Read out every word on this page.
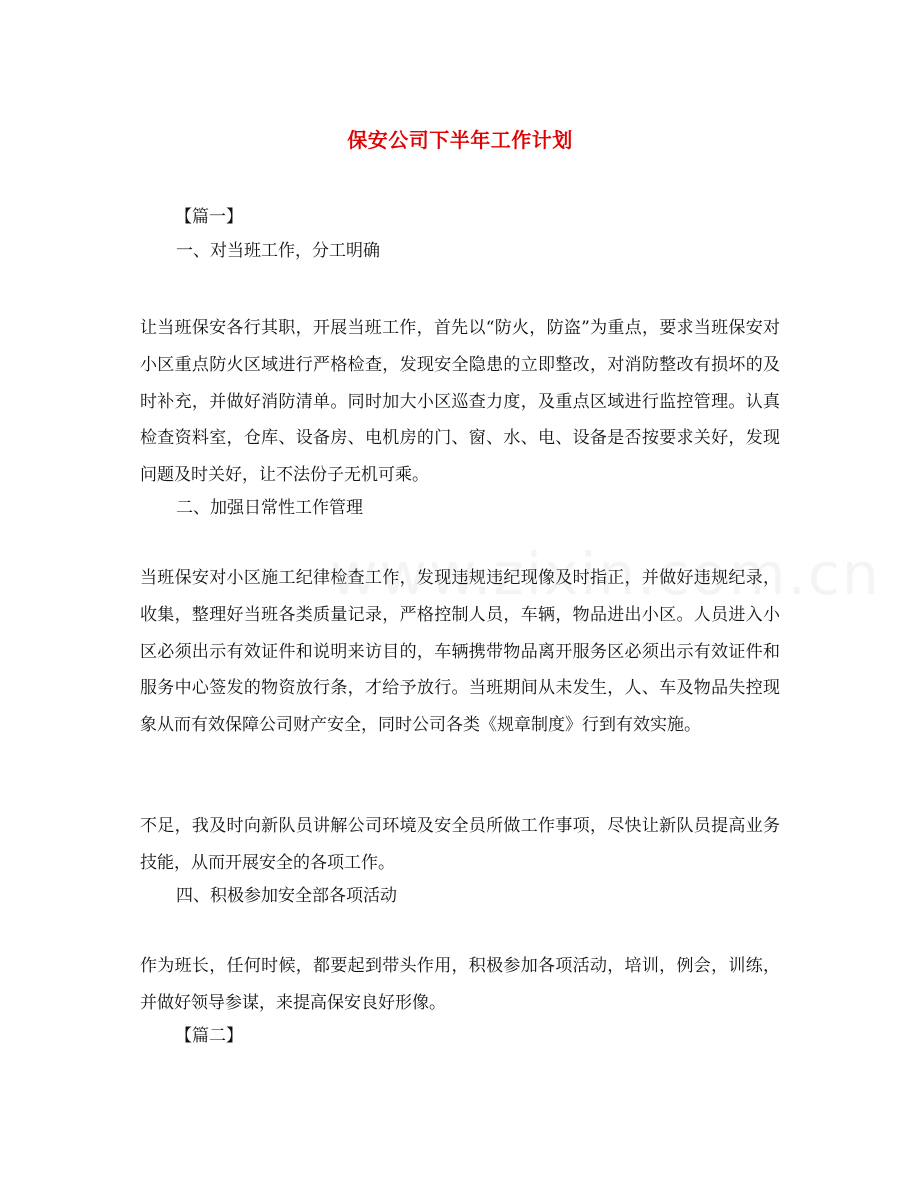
保安公司下半年工作计划
【篇一】
一、对当班工作，分工明确
让当班保安各行其职，开展当班工作，首先以“防火，防盗”为重点，要求当班保安对小区重点防火区域进行严格检查，发现安全隐患的立即整改，对消防整改有损坏的及时补充，并做好消防清单。同时加大小区巡查力度，及重点区域进行监控管理。认真检查资料室，仓库、设备房、电机房的门、窗、水、电、设备是否按要求关好，发现问题及时关好，让不法份子无机可乘。
二、加强日常性工作管理
当班保安对小区施工纪律检查工作，发现违规违纪现像及时指正，并做好违规纪录，收集，整理好当班各类质量记录，严格控制人员，车辆，物品进出小区。人员进入小区必须出示有效证件和说明来访目的，车辆携带物品离开服务区必须出示有效证件和服务中心签发的物资放行条，才给予放行。当班期间从未发生，人、车及物品失控现象从而有效保障公司财产安全，同时公司各类《规章制度》行到有效实施。
不足，我及时向新队员讲解公司环境及安全员所做工作事项，尽快让新队员提高业务技能，从而开展安全的各项工作。
四、积极参加安全部各项活动
作为班长，任何时候，都要起到带头作用，积极参加各项活动，培训，例会，训练，并做好领导参谋，来提高保安良好形像。
【篇二】
